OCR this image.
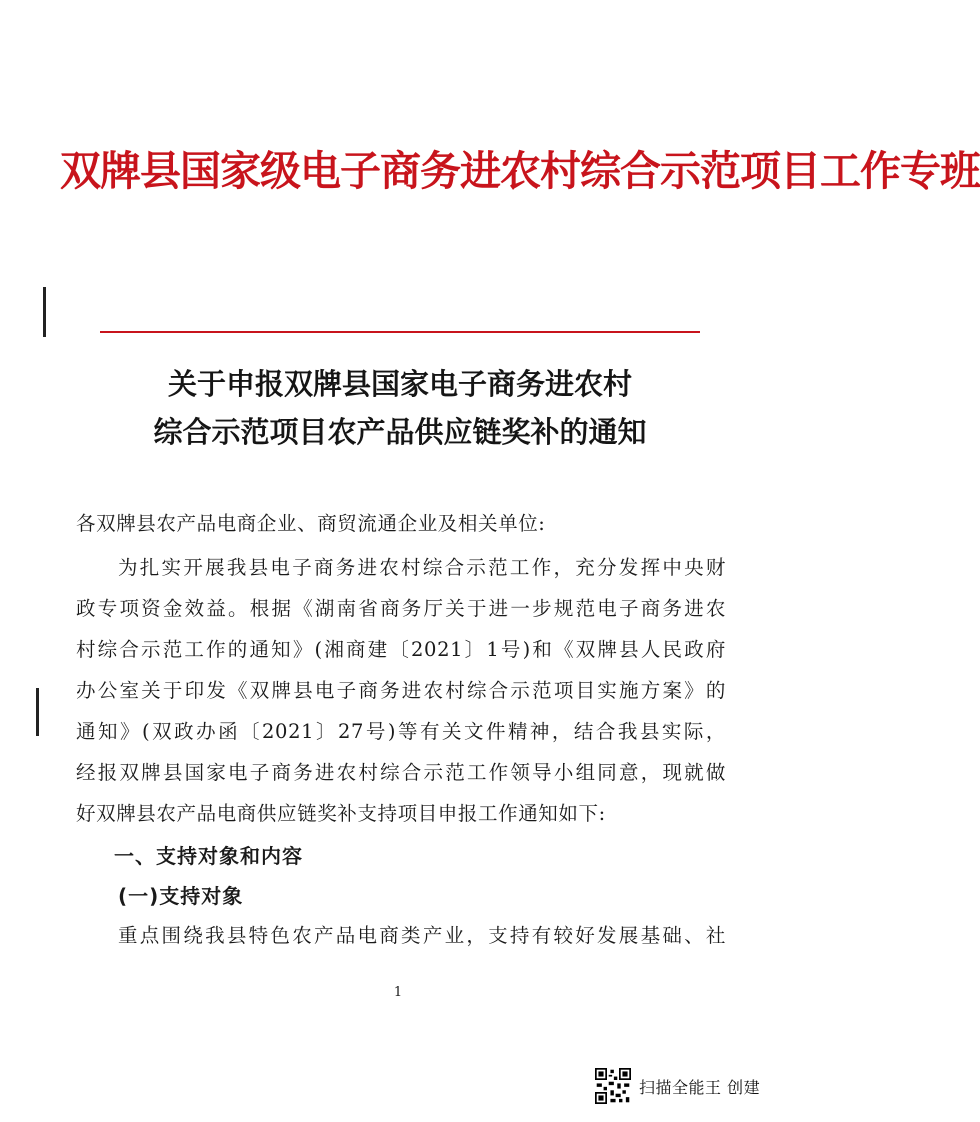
双牌县国家级电子商务进农村综合示范项目工作专班
关于申报双牌县国家电子商务进农村
综合示范项目农产品供应链奖补的通知
各双牌县农产品电商企业、商贸流通企业及相关单位:
为扎实开展我县电子商务进农村综合示范工作，充分发挥中央财
政专项资金效益。根据《湖南省商务厅关于进一步规范电子商务进农
村综合示范工作的通知》(湘商建〔2021〕1号)和《双牌县人民政府
办公室关于印发《双牌县电子商务进农村综合示范项目实施方案》的
通知》(双政办函〔2021〕27号)等有关文件精神，结合我县实际，
经报双牌县国家电子商务进农村综合示范工作领导小组同意，现就做
好双牌县农产品电商供应链奖补支持项目申报工作通知如下:
一、支持对象和内容
(一)支持对象
重点围绕我县特色农产品电商类产业，支持有较好发展基础、社
1
扫描全能王 创建
